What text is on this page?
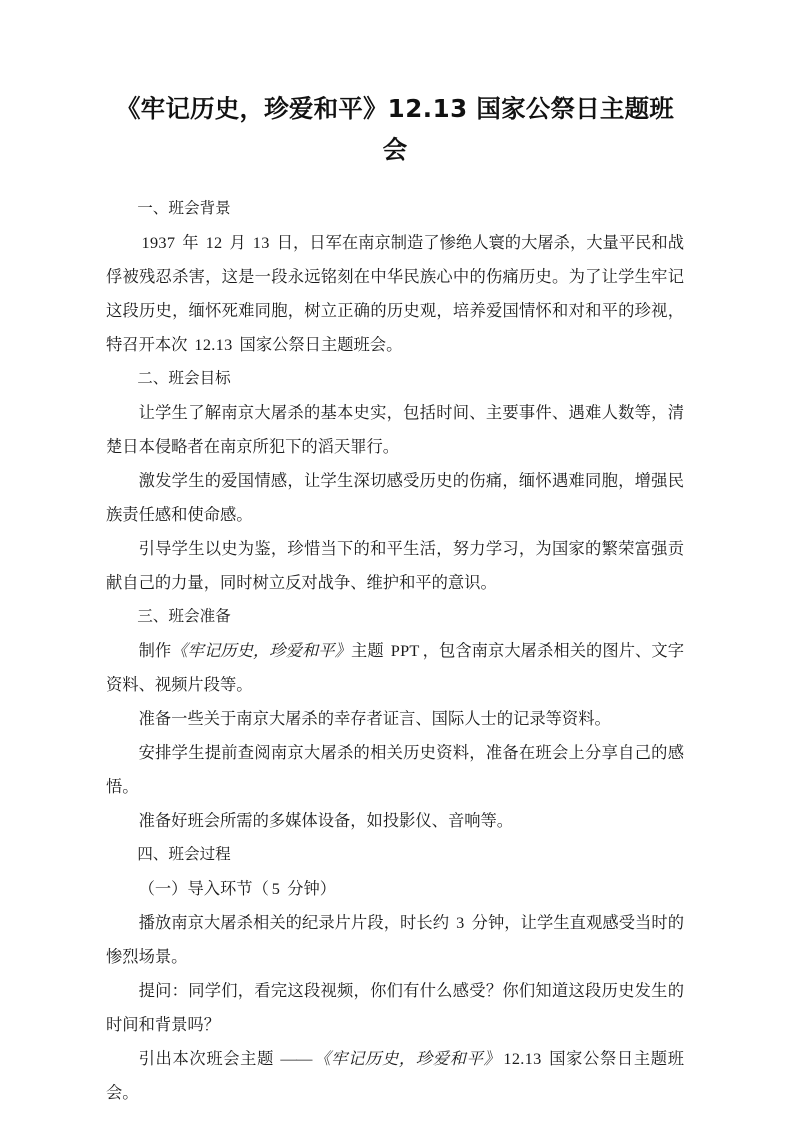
《牢记历史，珍爱和平》12.13 国家公祭日主题班会

一、班会背景

1937 年 12 月 13 日，日军在南京制造了惨绝人寰的大屠杀，大量平民和战俘被残忍杀害，这是一段永远铭刻在中华民族心中的伤痛历史。为了让学生牢记这段历史，缅怀死难同胞，树立正确的历史观，培养爱国情怀和对和平的珍视，特召开本次 12.13 国家公祭日主题班会。

二、班会目标

让学生了解南京大屠杀的基本史实，包括时间、主要事件、遇难人数等，清楚日本侵略者在南京所犯下的滔天罪行。

激发学生的爱国情感，让学生深切感受历史的伤痛，缅怀遇难同胞，增强民族责任感和使命感。

引导学生以史为鉴，珍惜当下的和平生活，努力学习，为国家的繁荣富强贡献自己的力量，同时树立反对战争、维护和平的意识。

三、班会准备

制作《牢记历史，珍爱和平》主题 PPT ，包含南京大屠杀相关的图片、文字资料、视频片段等。

准备一些关于南京大屠杀的幸存者证言、国际人士的记录等资料。

安排学生提前查阅南京大屠杀的相关历史资料，准备在班会上分享自己的感悟。

准备好班会所需的多媒体设备，如投影仪、音响等。

四、班会过程

（一）导入环节（ 5 分钟）

播放南京大屠杀相关的纪录片片段，时长约 3 分钟，让学生直观感受当时的惨烈场景。

提问：同学们，看完这段视频，你们有什么感受？你们知道这段历史发生的时间和背景吗？

引出本次班会主题 ——《牢记历史，珍爱和平》 12.13 国家公祭日主题班会。
